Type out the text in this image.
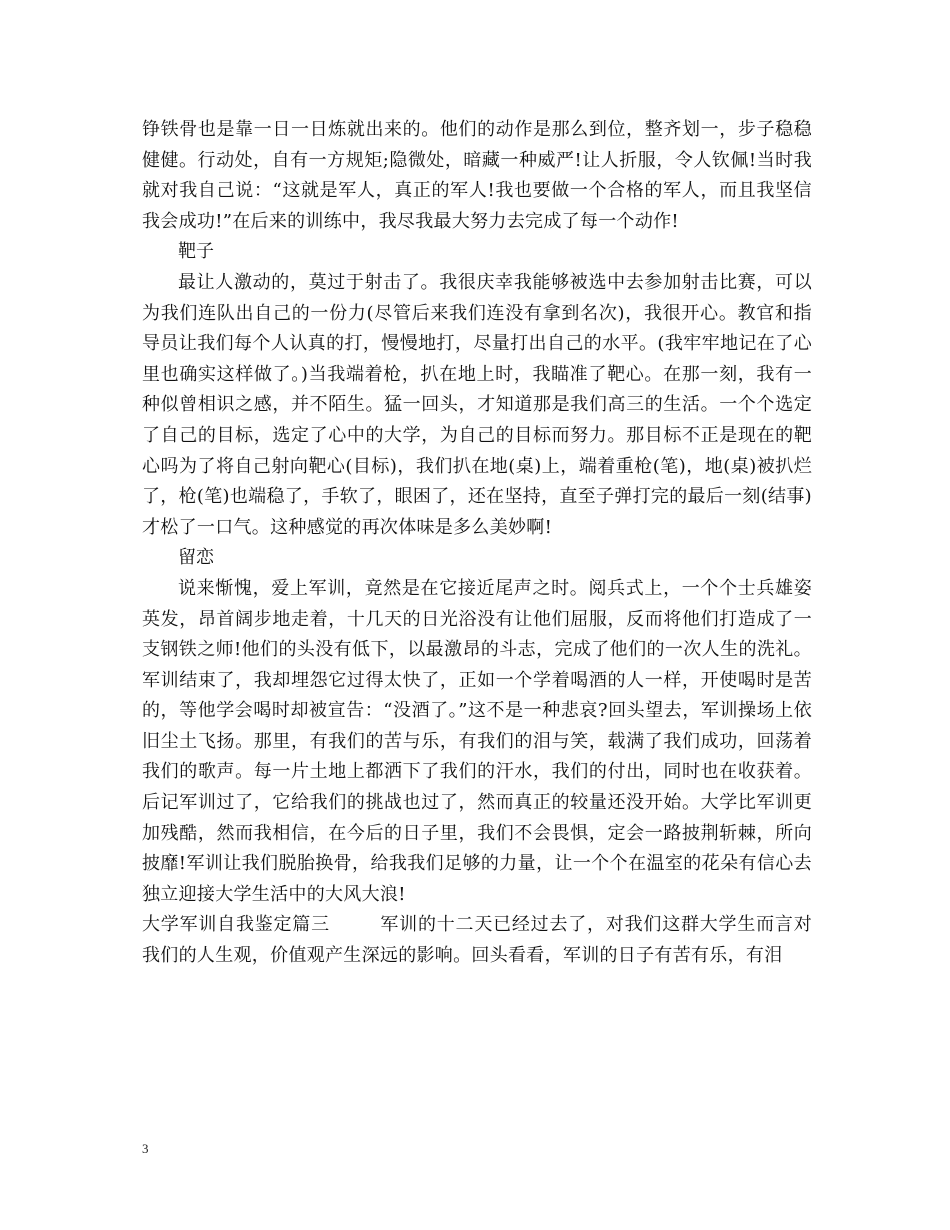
铮铁骨也是靠一日一日炼就出来的。他们的动作是那么到位，整齐划一，步子稳稳健健。行动处，自有一方规矩;隐微处，暗藏一种威严!让人折服，令人钦佩!当时我就对我自己说：“这就是军人，真正的军人!我也要做一个合格的军人，而且我坚信我会成功!”在后来的训练中，我尽我最大努力去完成了每一个动作!

靶子

最让人激动的，莫过于射击了。我很庆幸我能够被选中去参加射击比赛，可以为我们连队出自己的一份力(尽管后来我们连没有拿到名次)，我很开心。教官和指导员让我们每个人认真的打，慢慢地打，尽量打出自己的水平。(我牢牢地记在了心里也确实这样做了。)当我端着枪，扒在地上时，我瞄准了靶心。在那一刻，我有一种似曾相识之感，并不陌生。猛一回头，才知道那是我们高三的生活。一个个选定了自己的目标，选定了心中的大学，为自己的目标而努力。那目标不正是现在的靶心吗为了将自己射向靶心(目标)，我们扒在地(桌)上，端着重枪(笔)，地(桌)被扒烂了，枪(笔)也端稳了，手软了，眼困了，还在坚持，直至子弹打完的最后一刻(结事)才松了一口气。这种感觉的再次体味是多么美妙啊!

留恋

说来惭愧，爱上军训，竟然是在它接近尾声之时。阅兵式上，一个个士兵雄姿英发，昂首阔步地走着，十几天的日光浴没有让他们屈服，反而将他们打造成了一支钢铁之师!他们的头没有低下，以最激昂的斗志，完成了他们的一次人生的洗礼。军训结束了，我却埋怨它过得太快了，正如一个学着喝酒的人一样，开使喝时是苦的，等他学会喝时却被宣告：“没酒了。”这不是一种悲哀?回头望去，军训操场上依旧尘土飞扬。那里，有我们的苦与乐，有我们的泪与笑，载满了我们成功，回荡着我们的歌声。每一片土地上都洒下了我们的汗水，我们的付出，同时也在收获着。后记军训过了，它给我们的挑战也过了，然而真正的较量还没开始。大学比军训更加残酷，然而我相信，在今后的日子里，我们不会畏惧，定会一路披荆斩棘，所向披靡!军训让我们脱胎换骨，给我我们足够的力量，让一个个在温室的花朵有信心去独立迎接大学生活中的大风大浪!

大学军训自我鉴定篇三	军训的十二天已经过去了，对我们这群大学生而言对我们的人生观，价值观产生深远的影响。回头看看，军训的日子有苦有乐，有泪

3
